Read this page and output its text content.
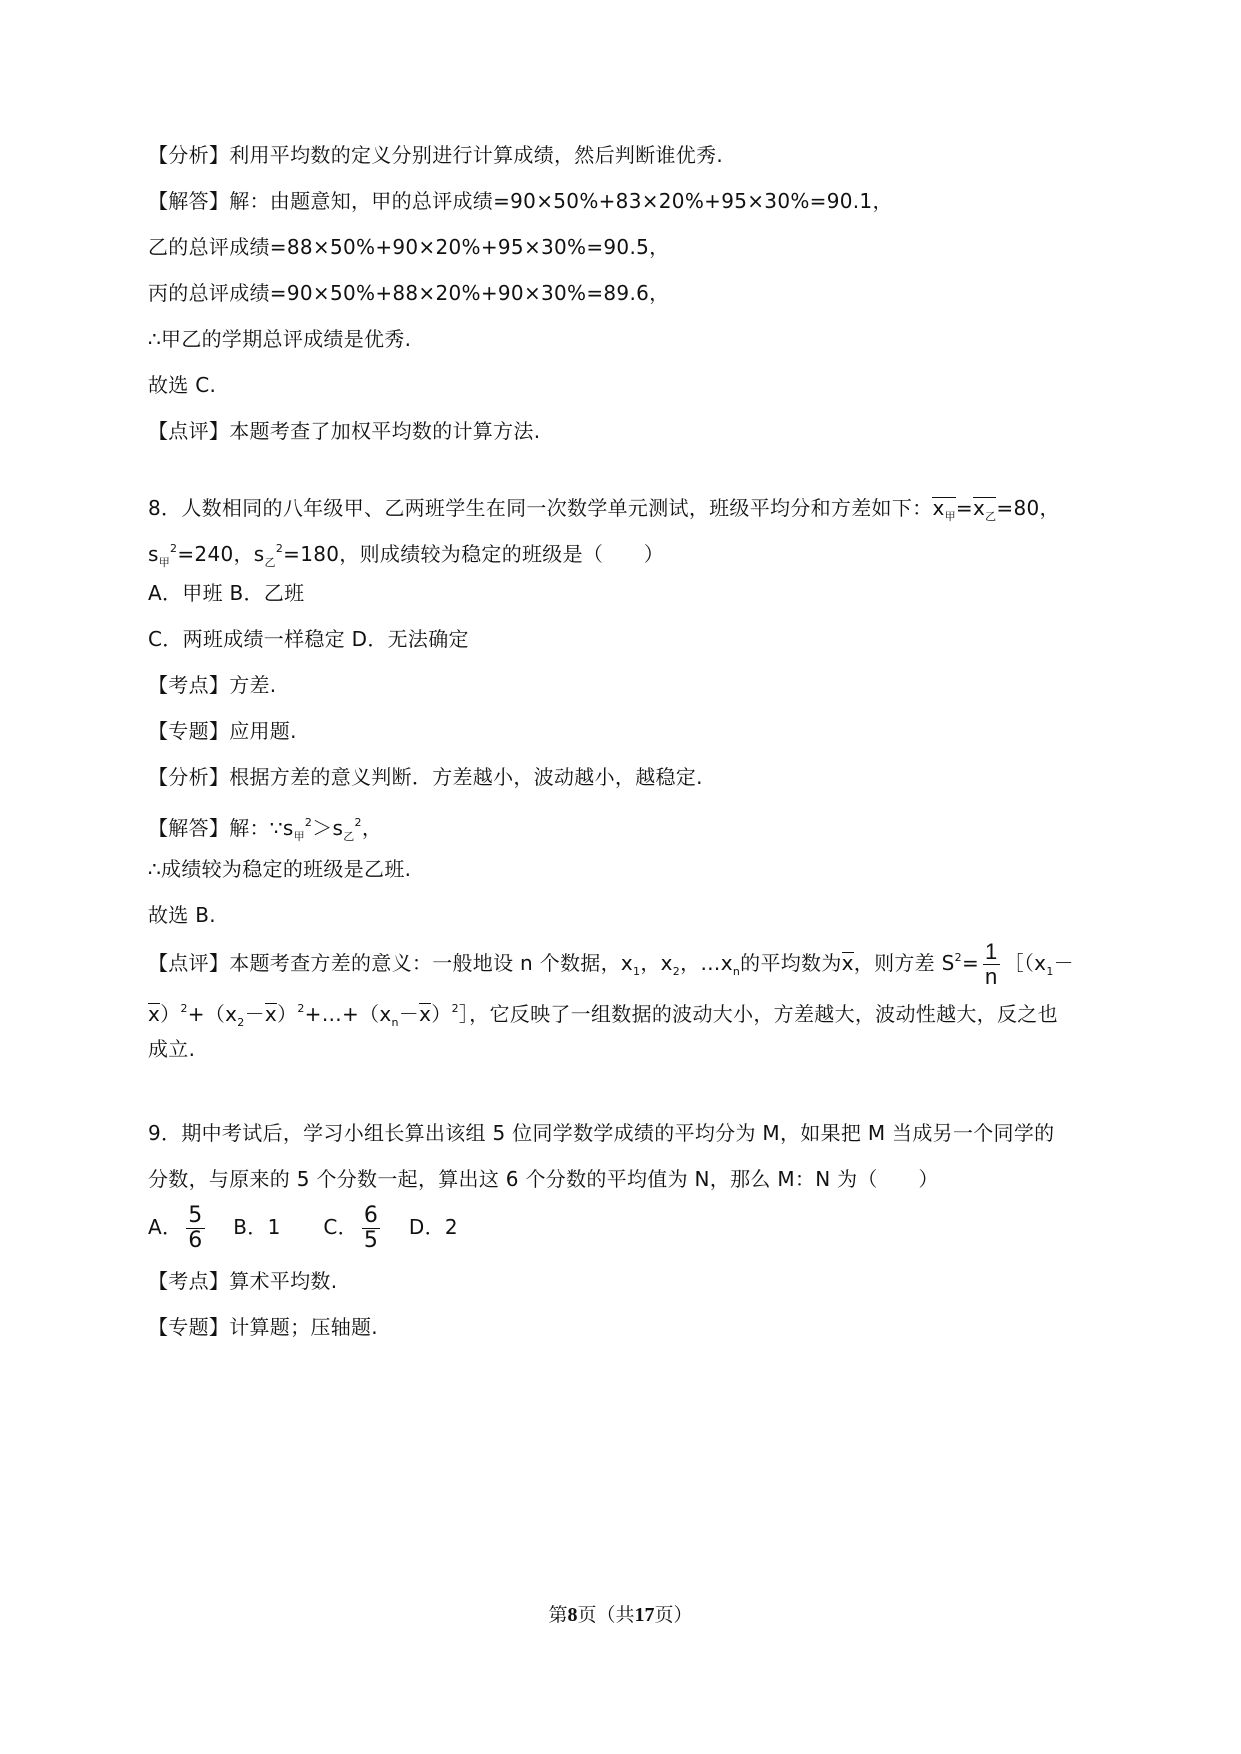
【分析】利用平均数的定义分别进行计算成绩，然后判断谁优秀.
【解答】解：由题意知，甲的总评成绩=90×50%+83×20%+95×30%=90.1，
乙的总评成绩=88×50%+90×20%+95×30%=90.5，
丙的总评成绩=90×50%+88×20%+90×30%=89.6，
∴甲乙的学期总评成绩是优秀.
故选 C.
【点评】本题考查了加权平均数的计算方法.
8．人数相同的八年级甲、乙两班学生在同一次数学单元测试，班级平均分和方差如下：$x_甲=x_乙=80$，
$s_甲^2=240$，$s_乙^2=180$，则成绩较为稳定的班级是（　　）
A．甲班 B．乙班
C．两班成绩一样稳定 D．无法确定
【考点】方差.
【专题】应用题.
【分析】根据方差的意义判断．方差越小，波动越小，越稳定.
【解答】解：$\because s_甲^2>s_乙^2$，
∴成绩较为稳定的班级是乙班.
故选 B.
【点评】本题考查方差的意义：一般地设 n 个数据，$x_1$，$x_2$，$\dots x_n$的平均数为x，则方差 $S^2= \frac{1}{n}$ $[(x_1-$
$x)^2+(x_2-x)^2+\dots+(x_n-x)^2]$，它反映了一组数据的波动大小，方差越大，波动性越大，反之也
成立.
9．期中考试后，学习小组长算出该组 5 位同学数学成绩的平均分为 M，如果把 M 当成另一个同学的
分数，与原来的 5 个分数一起，算出这 6 个分数的平均值为 N，那么 M：N 为（　　）
A． $\frac{5}{6}$ B．1 C． $\frac{6}{5}$ D．2
【考点】算术平均数.
【专题】计算题；压轴题.
第8页（共17页）
